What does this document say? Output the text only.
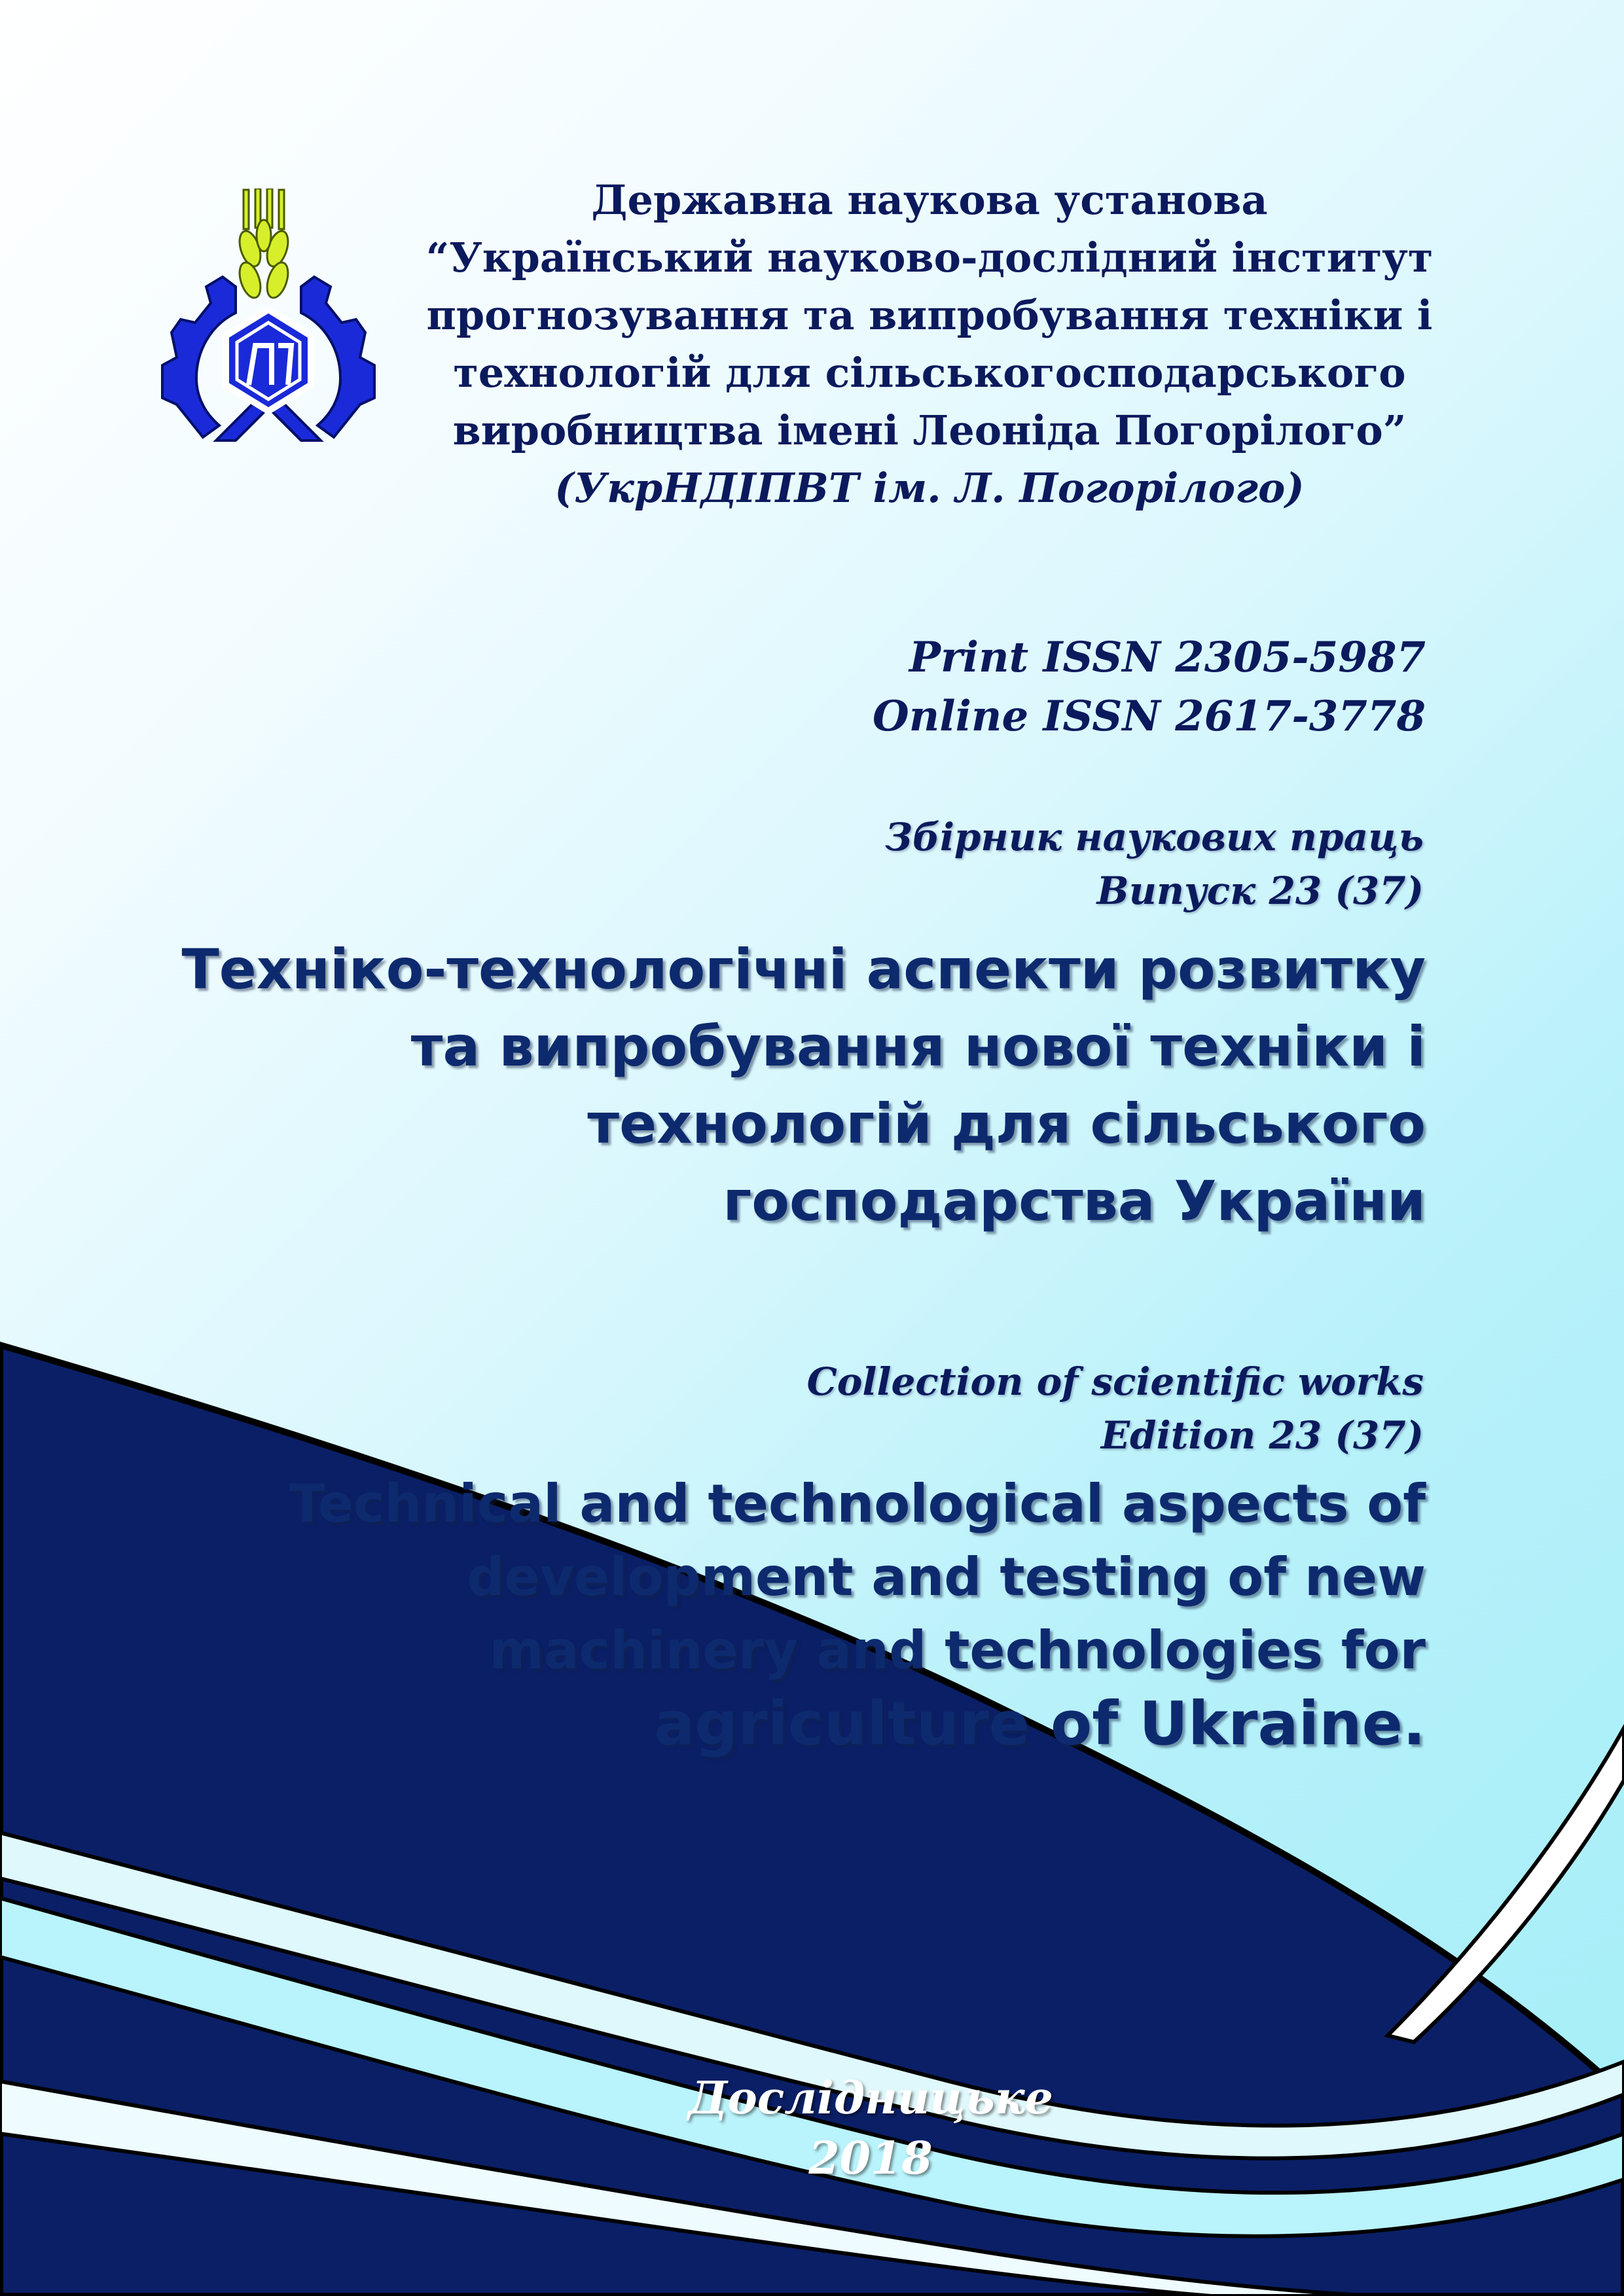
Державна наукова установа
“Український науково-дослідний інститут
прогнозування та випробування техніки і
технологій для сільськогосподарського
виробництва імені Леоніда Погорілого”
(УкрНДІПВТ ім. Л. Погорілого)
Print ISSN 2305-5987
Online ISSN 2617-3778
Збірник наукових праць
Випуск 23 (37)
Техніко-технологічні аспекти розвитку
та випробування нової техніки і
технологій для сільського
господарства України
Collection of scientific works
Edition 23 (37)
Technical and technological aspects of
development and testing of new
machinery and technologies for
agriculture of Ukraine.
Дослідницьке
2018
